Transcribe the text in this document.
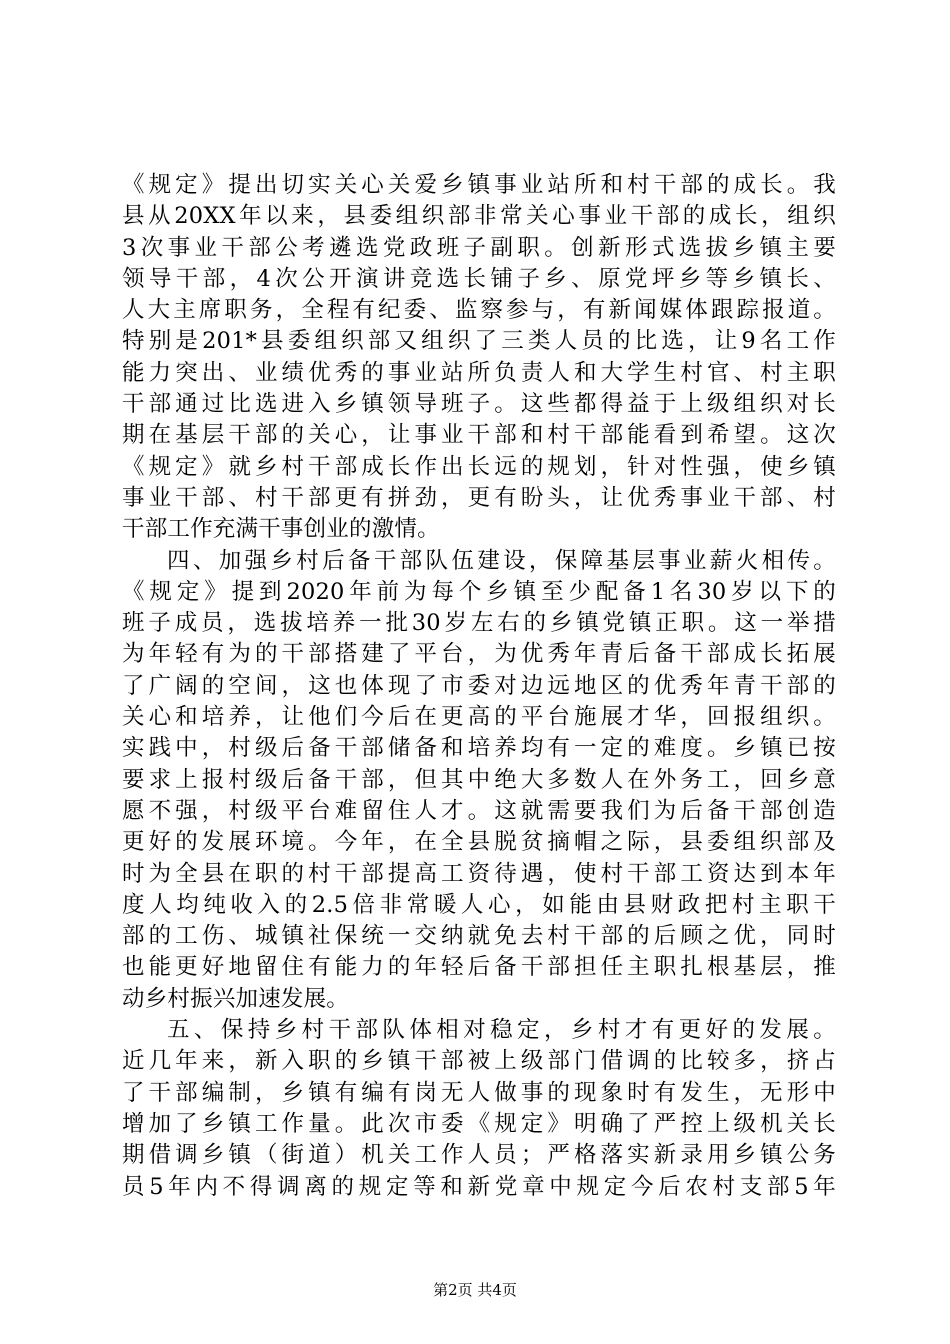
《规定》提出切实关心关爱乡镇事业站所和村干部的成长。我
县从20XX年以来，县委组织部非常关心事业干部的成长，组织
3次事业干部公考遴选党政班子副职。创新形式选拔乡镇主要
领导干部，4次公开演讲竞选长铺子乡、原党坪乡等乡镇长、
人大主席职务，全程有纪委、监察参与，有新闻媒体跟踪报道。
特别是201*县委组织部又组织了三类人员的比选，让9名工作
能力突出、业绩优秀的事业站所负责人和大学生村官、村主职
干部通过比选进入乡镇领导班子。这些都得益于上级组织对长
期在基层干部的关心，让事业干部和村干部能看到希望。这次
《规定》就乡村干部成长作出长远的规划，针对性强，使乡镇
事业干部、村干部更有拼劲，更有盼头，让优秀事业干部、村
干部工作充满干事创业的激情。
四、加强乡村后备干部队伍建设，保障基层事业薪火相传。
《规定》提到2020年前为每个乡镇至少配备1名30岁以下的
班子成员，选拔培养一批30岁左右的乡镇党镇正职。这一举措
为年轻有为的干部搭建了平台，为优秀年青后备干部成长拓展
了广阔的空间，这也体现了市委对边远地区的优秀年青干部的
关心和培养，让他们今后在更高的平台施展才华，回报组织。
实践中，村级后备干部储备和培养均有一定的难度。乡镇已按
要求上报村级后备干部，但其中绝大多数人在外务工，回乡意
愿不强，村级平台难留住人才。这就需要我们为后备干部创造
更好的发展环境。今年，在全县脱贫摘帽之际，县委组织部及
时为全县在职的村干部提高工资待遇，使村干部工资达到本年
度人均纯收入的2.5倍非常暖人心，如能由县财政把村主职干
部的工伤、城镇社保统一交纳就免去村干部的后顾之优，同时
也能更好地留住有能力的年轻后备干部担任主职扎根基层，推
动乡村振兴加速发展。
五、保持乡村干部队体相对稳定，乡村才有更好的发展。
近几年来，新入职的乡镇干部被上级部门借调的比较多，挤占
了干部编制，乡镇有编有岗无人做事的现象时有发生，无形中
增加了乡镇工作量。此次市委《规定》明确了严控上级机关长
期借调乡镇（街道）机关工作人员；严格落实新录用乡镇公务
员5年内不得调离的规定等和新党章中规定今后农村支部5年
第2页 共4页
